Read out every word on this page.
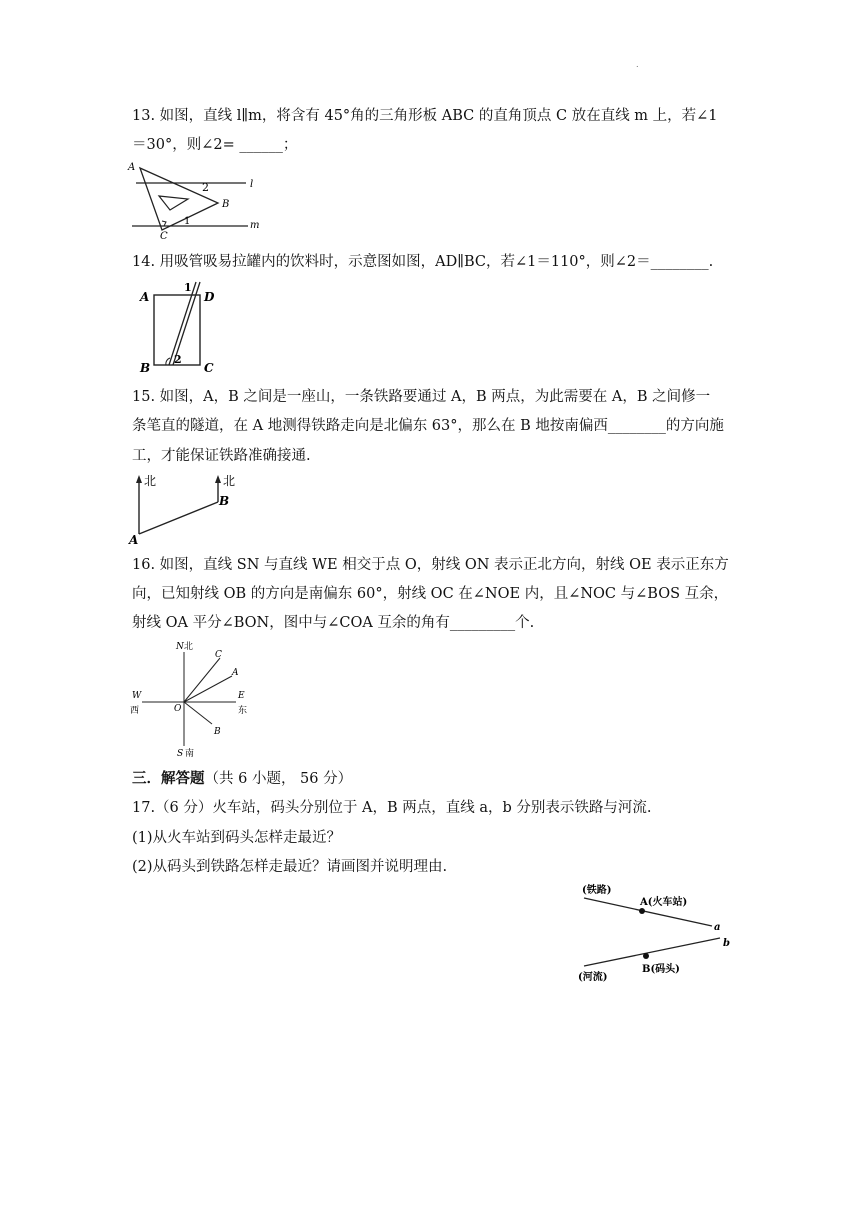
.
13. 如图，直线 l∥m，将含有 45°角的三角形板 ABC 的直角顶点 C 放在直线 m 上，若∠1
＝30°，则∠2= ______；
A
B
C
l
m
2
1
14. 用吸管吸易拉罐内的饮料时，示意图如图，AD∥BC，若∠1＝110°，则∠2＝________.
A	D
B	C
1
2
15. 如图，A，B 之间是一座山，一条铁路要通过 A，B 两点，为此需要在 A，B 之间修一
条笔直的隧道，在 A 地测得铁路走向是北偏东 63°，那么在 B 地按南偏西________的方向施
工，才能保证铁路准确接通.
北	北
A
B
16. 如图，直线 SN 与直线 WE 相交于点 O，射线 ON 表示正北方向，射线 OE 表示正东方
向，已知射线 OB 的方向是南偏东 60°，射线 OC 在∠NOE 内，且∠NOC 与∠BOS 互余，
射线 OA 平分∠BON，图中与∠COA 互余的角有_________个.
N 北
C
A
W
西	O
E
东
B
S 南
三．解答题（共 6 小题， 56 分）
17.（6 分）火车站，码头分别位于 A，B 两点，直线 a，b 分别表示铁路与河流.
(1)从火车站到码头怎样走最近？
(2)从码头到铁路怎样走最近？请画图并说明理由.
(铁路)
A(火车站)
a
b
B(码头)
(河流)
